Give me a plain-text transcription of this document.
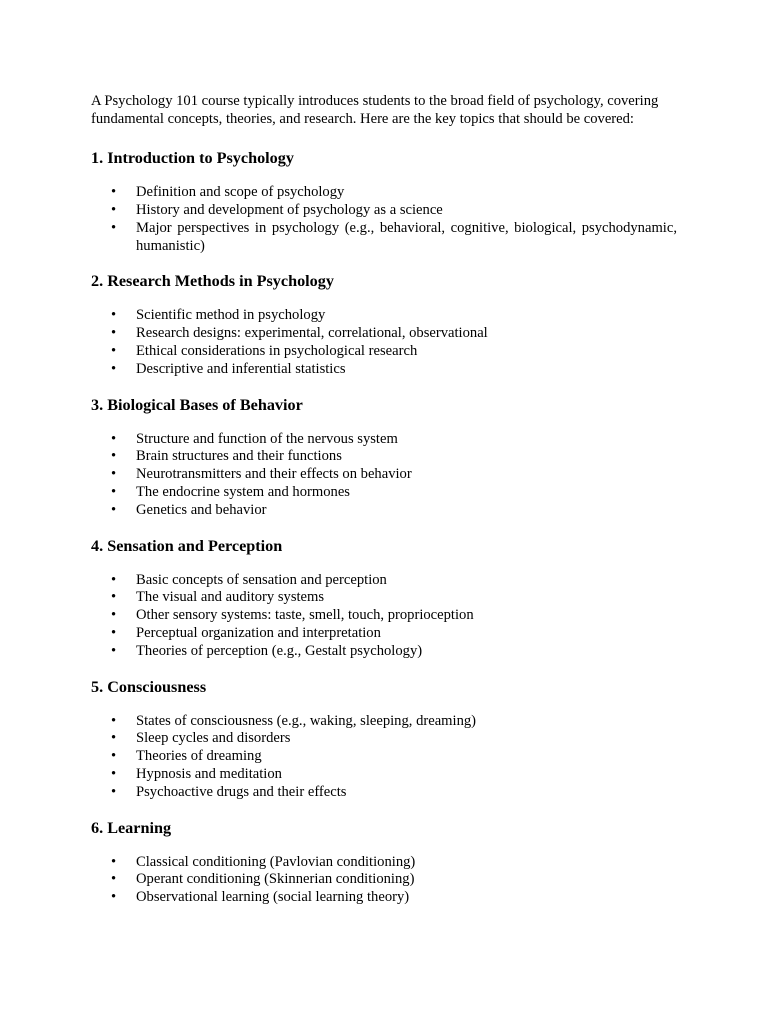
A Psychology 101 course typically introduces students to the broad field of psychology, covering fundamental concepts, theories, and research. Here are the key topics that should be covered:

1. Introduction to Psychology
• Definition and scope of psychology
• History and development of psychology as a science
• Major perspectives in psychology (e.g., behavioral, cognitive, biological, psychodynamic, humanistic)
2. Research Methods in Psychology
• Scientific method in psychology
• Research designs: experimental, correlational, observational
• Ethical considerations in psychological research
• Descriptive and inferential statistics
3. Biological Bases of Behavior
• Structure and function of the nervous system
• Brain structures and their functions
• Neurotransmitters and their effects on behavior
• The endocrine system and hormones
• Genetics and behavior
4. Sensation and Perception
• Basic concepts of sensation and perception
• The visual and auditory systems
• Other sensory systems: taste, smell, touch, proprioception
• Perceptual organization and interpretation
• Theories of perception (e.g., Gestalt psychology)
5. Consciousness
• States of consciousness (e.g., waking, sleeping, dreaming)
• Sleep cycles and disorders
• Theories of dreaming
• Hypnosis and meditation
• Psychoactive drugs and their effects
6. Learning
• Classical conditioning (Pavlovian conditioning)
• Operant conditioning (Skinnerian conditioning)
• Observational learning (social learning theory)
